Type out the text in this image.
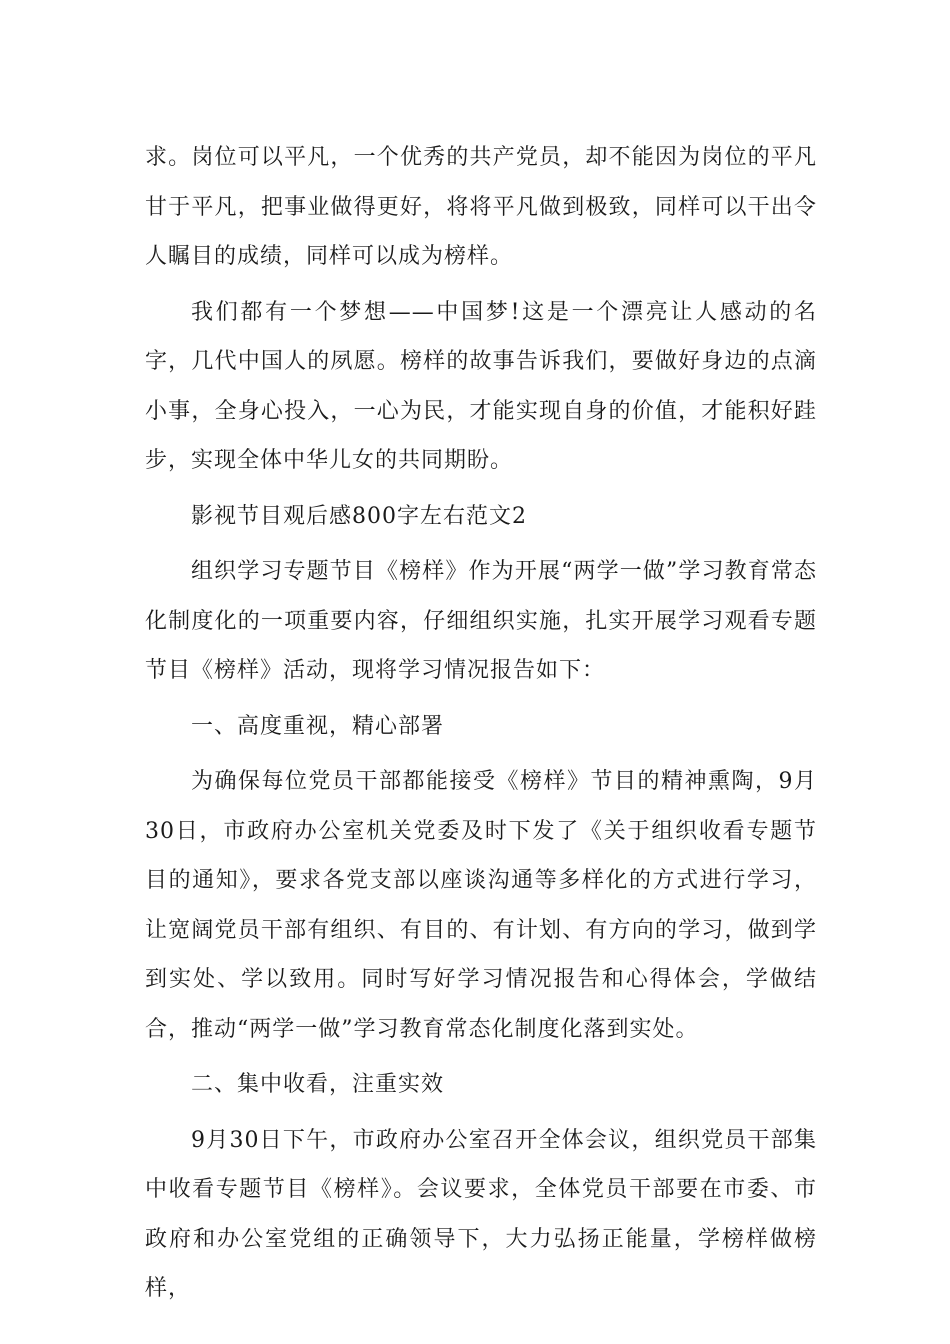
求。岗位可以平凡，一个优秀的共产党员，却不能因为岗位的平凡甘于平凡，把事业做得更好，将将平凡做到极致，同样可以干出令人瞩目的成绩，同样可以成为榜样。

我们都有一个梦想——中国梦!这是一个漂亮让人感动的名字，几代中国人的夙愿。榜样的故事告诉我们，要做好身边的点滴小事，全身心投入，一心为民，才能实现自身的价值，才能积好跬步，实现全体中华儿女的共同期盼。

影视节目观后感800字左右范文2

组织学习专题节目《榜样》作为开展“两学一做”学习教育常态化制度化的一项重要内容，仔细组织实施，扎实开展学习观看专题节目《榜样》活动，现将学习情况报告如下：

一、高度重视，精心部署

为确保每位党员干部都能接受《榜样》节目的精神熏陶，9月30日，市政府办公室机关党委及时下发了《关于组织收看专题节目的通知》，要求各党支部以座谈沟通等多样化的方式进行学习，让宽阔党员干部有组织、有目的、有计划、有方向的学习，做到学到实处、学以致用。同时写好学习情况报告和心得体会，学做结合，推动“两学一做”学习教育常态化制度化落到实处。

二、集中收看，注重实效

9月30日下午，市政府办公室召开全体会议，组织党员干部集中收看专题节目《榜样》。会议要求，全体党员干部要在市委、市政府和办公室党组的正确领导下，大力弘扬正能量，学榜样做榜样，
